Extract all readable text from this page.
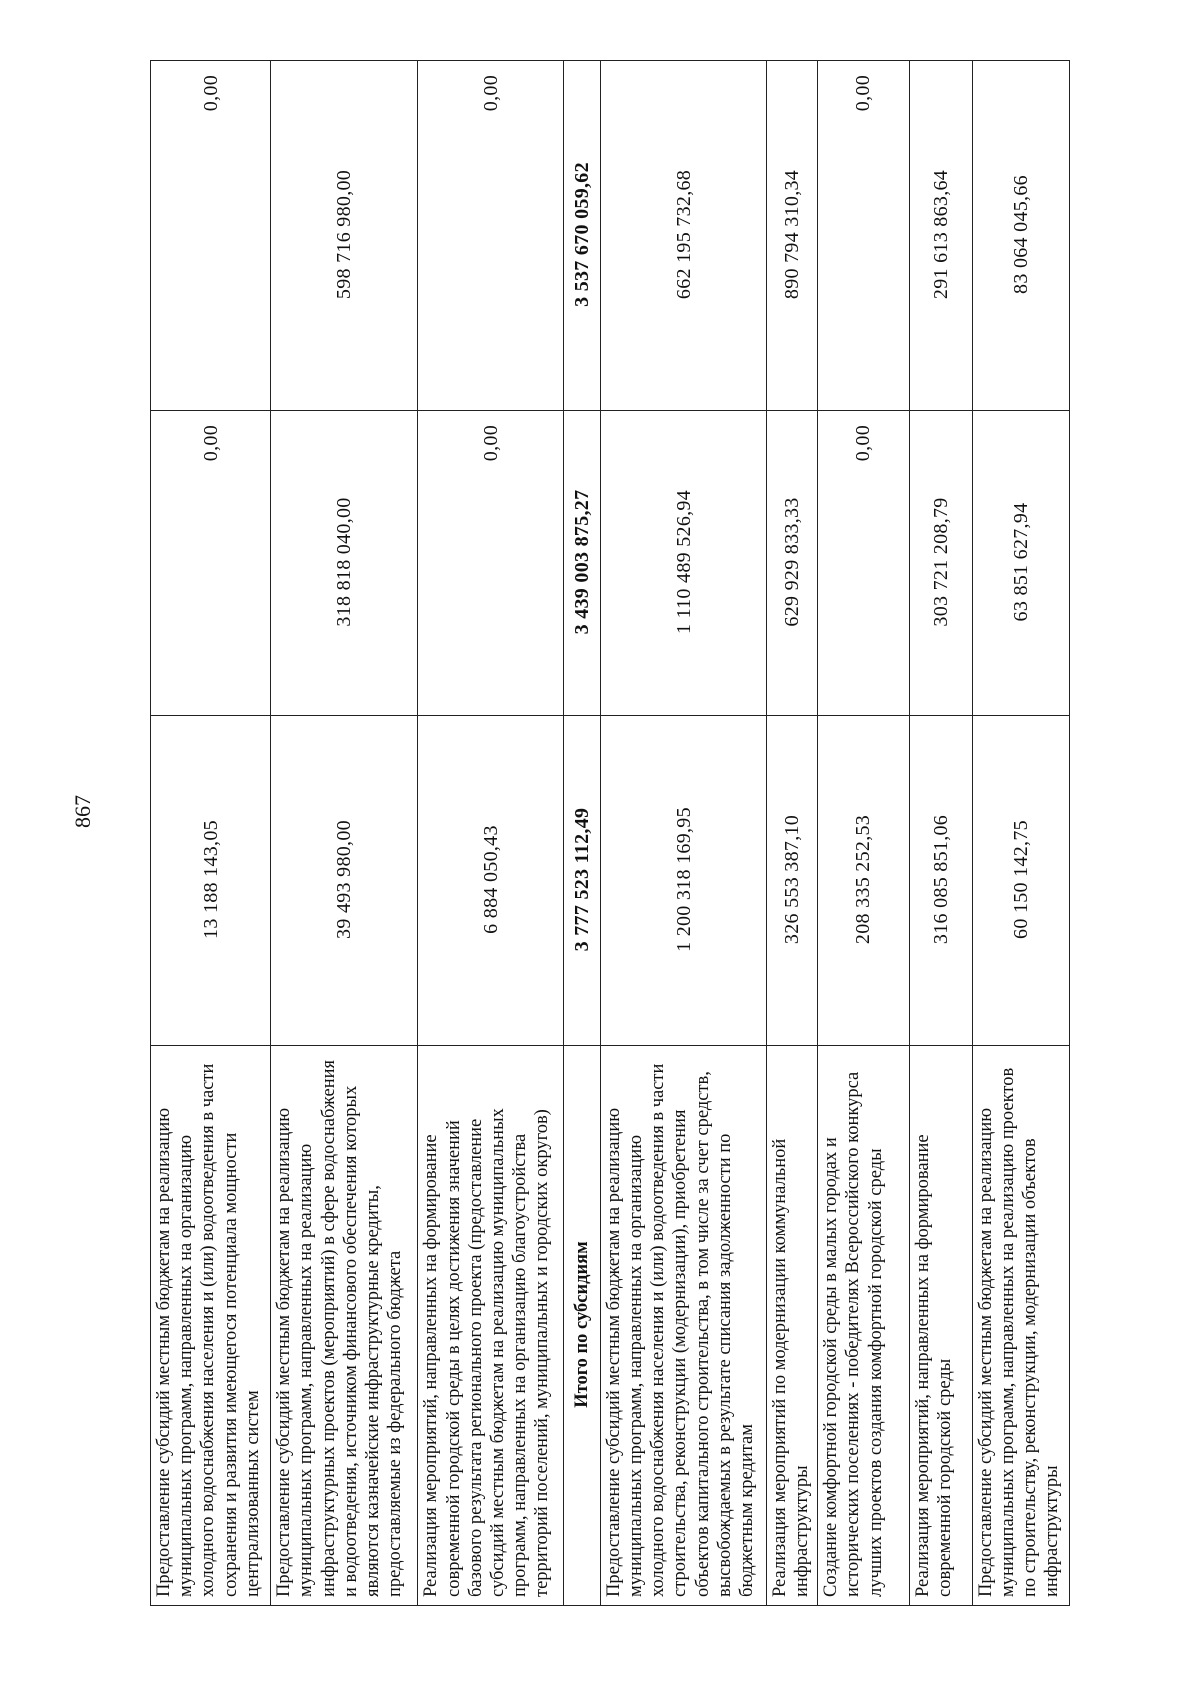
867
Предоставление субсидий местным бюджетам на реализацию муниципальных программ, направленных на организацию холодного водоснабжения населения и (или) водоотведения в части сохранения и развития имеющегося потенциала мощности централизованных систем	13 188 143,05	0,00	0,00
Предоставление субсидий местным бюджетам на реализацию муниципальных программ, направленных на реализацию инфраструктурных проектов (мероприятий) в сфере водоснабжения и водоотведения, источником финансового обеспечения которых являются казначейские инфраструктурные кредиты, предоставляемые из федерального бюджета	39 493 980,00	318 818 040,00	598 716 980,00
Реализация мероприятий, направленных на формирование современной городской среды в целях достижения значений базового результата регионального проекта (предоставление субсидий местным бюджетам на реализацию муниципальных программ, направленных на организацию благоустройства территорий поселений, муниципальных и городских округов)	6 884 050,43	0,00	0,00
Итого по субсидиям	3 777 523 112,49	3 439 003 875,27	3 537 670 059,62
Предоставление субсидий местным бюджетам на реализацию муниципальных программ, направленных на организацию холодного водоснабжения населения и (или) водоотведения в части строительства, реконструкции (модернизации), приобретения объектов капитального строительства, в том числе за счет средств, высвобождаемых в результате списания задолженности по бюджетным кредитам	1 200 318 169,95	1 110 489 526,94	662 195 732,68
Реализация мероприятий по модернизации коммунальной инфраструктуры	326 553 387,10	629 929 833,33	890 794 310,34
Создание комфортной городской среды в малых городах и исторических поселениях - победителях Всероссийского конкурса лучших проектов создания комфортной городской среды	208 335 252,53	0,00	0,00
Реализация мероприятий, направленных на формирование современной городской среды	316 085 851,06	303 721 208,79	291 613 863,64
Предоставление субсидий местным бюджетам на реализацию муниципальных программ, направленных на реализацию проектов по строительству, реконструкции, модернизации объектов инфраструктуры	60 150 142,75	63 851 627,94	83 064 045,66
